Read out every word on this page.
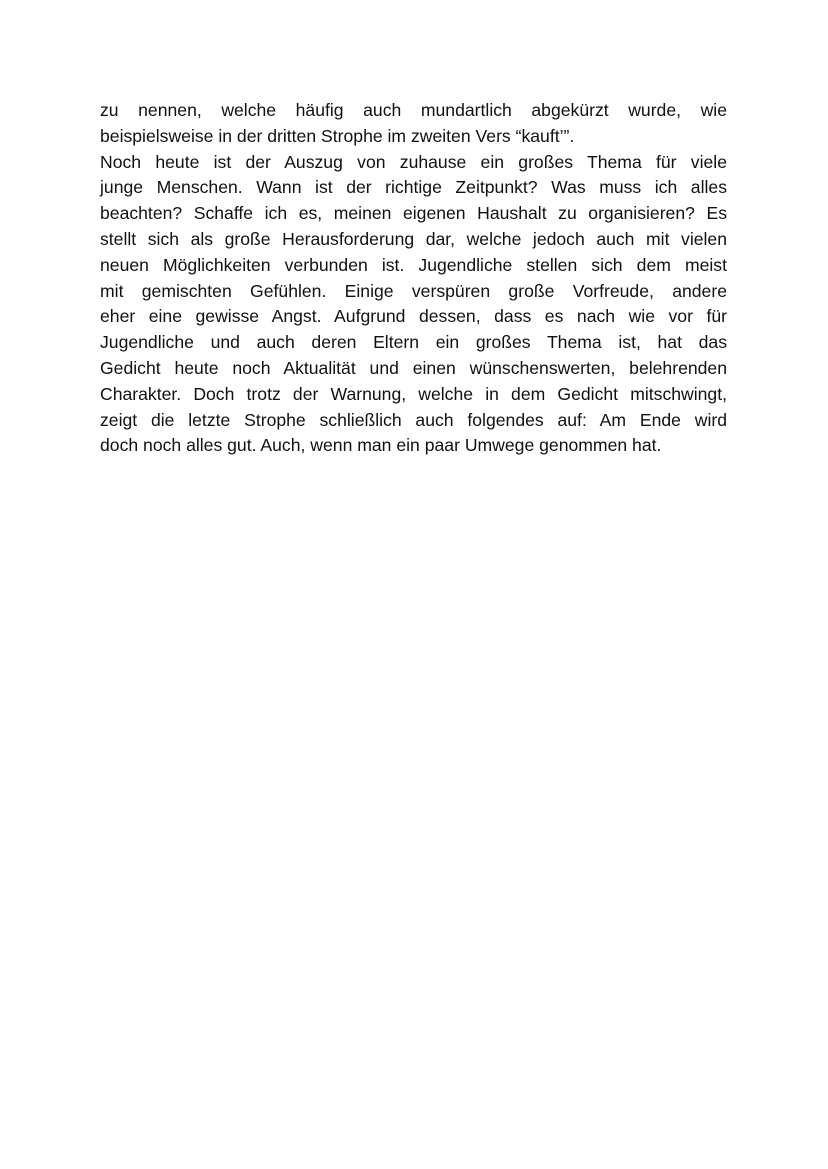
zu nennen, welche häufig auch mundartlich abgekürzt wurde, wie
beispielsweise in der dritten Strophe im zweiten Vers “kauft’”.
Noch heute ist der Auszug von zuhause ein großes Thema für viele
junge Menschen. Wann ist der richtige Zeitpunkt? Was muss ich alles
beachten? Schaffe ich es, meinen eigenen Haushalt zu organisieren? Es
stellt sich als große Herausforderung dar, welche jedoch auch mit vielen
neuen Möglichkeiten verbunden ist. Jugendliche stellen sich dem meist
mit gemischten Gefühlen. Einige verspüren große Vorfreude, andere
eher eine gewisse Angst. Aufgrund dessen, dass es nach wie vor für
Jugendliche und auch deren Eltern ein großes Thema ist, hat das
Gedicht heute noch Aktualität und einen wünschenswerten, belehrenden
Charakter. Doch trotz der Warnung, welche in dem Gedicht mitschwingt,
zeigt die letzte Strophe schließlich auch folgendes auf: Am Ende wird
doch noch alles gut. Auch, wenn man ein paar Umwege genommen hat.
